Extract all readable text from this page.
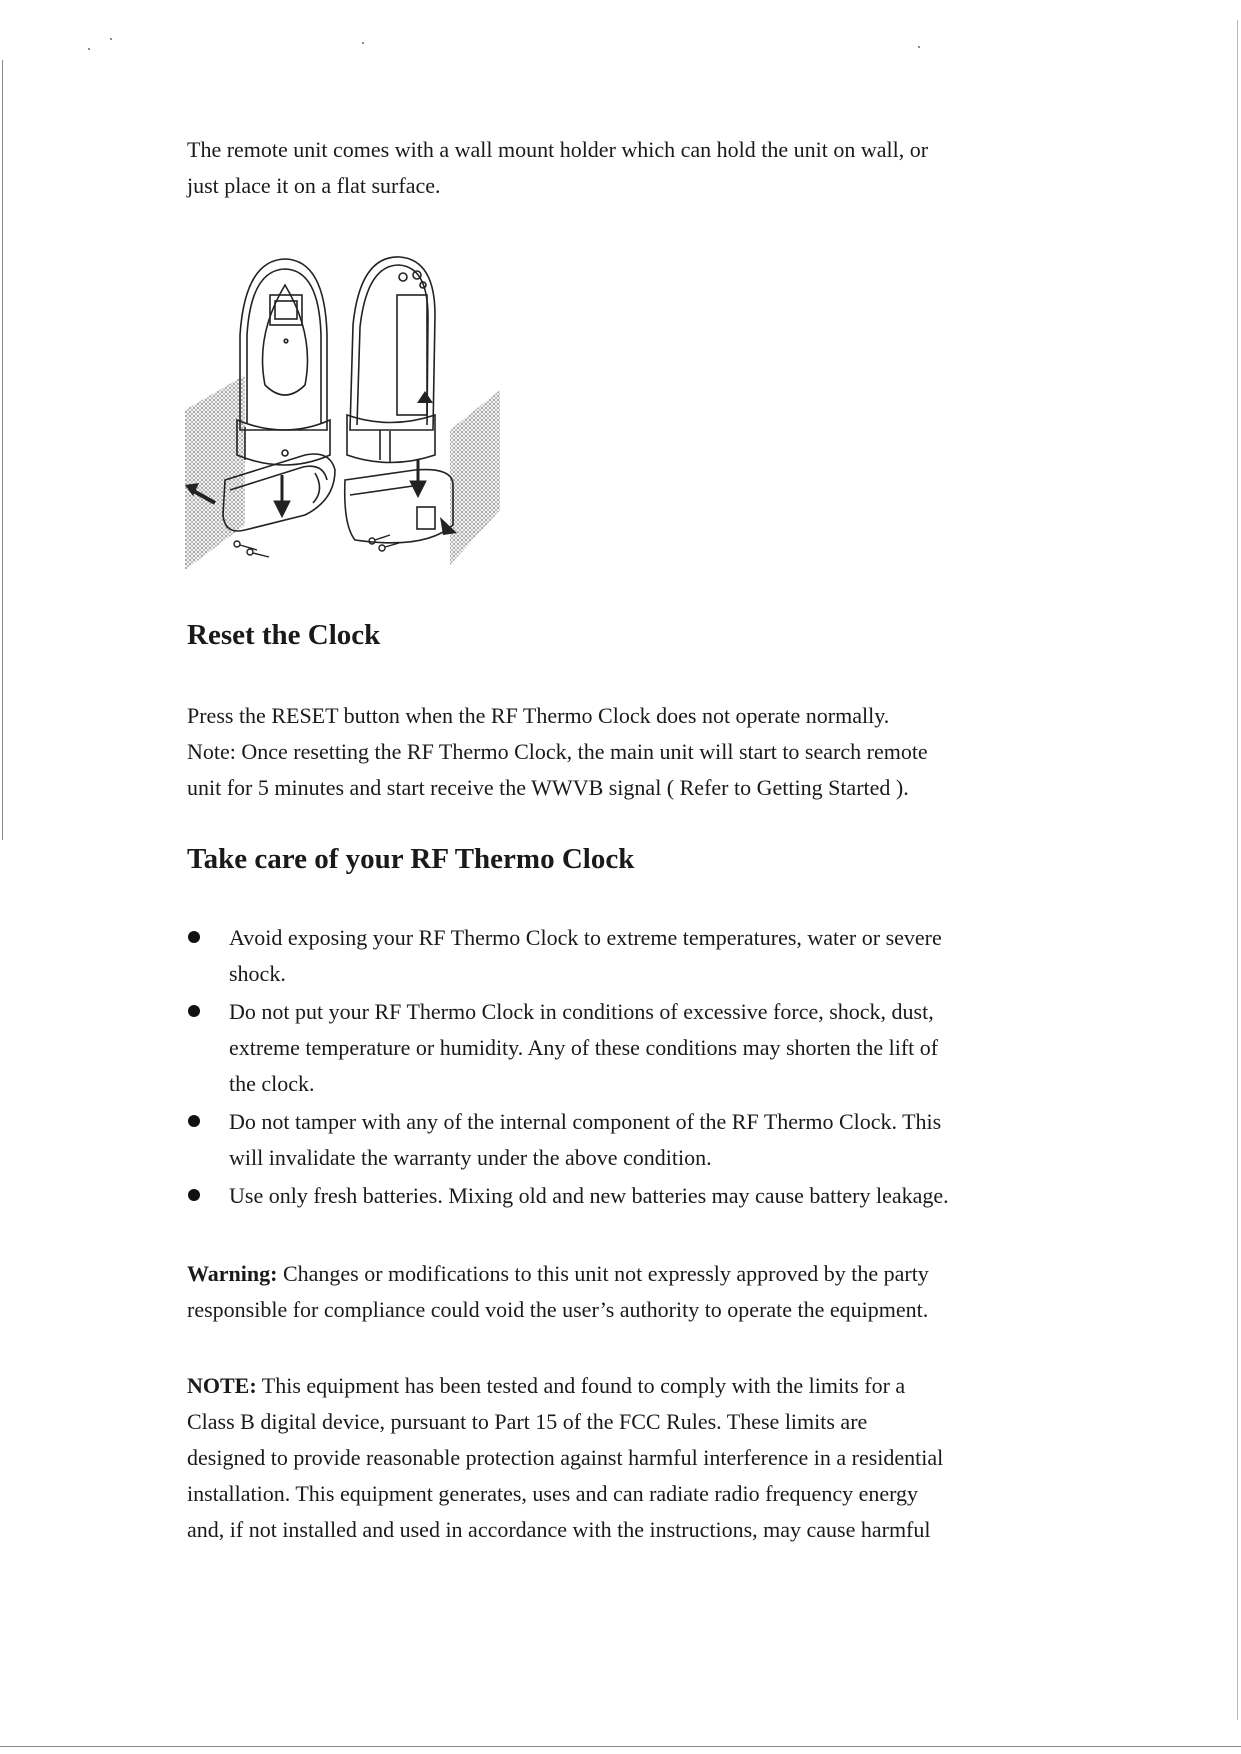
The remote unit comes with a wall mount holder which can hold the unit on wall, or
just place it on a flat surface.

Reset the Clock

Press the RESET button when the RF Thermo Clock does not operate normally.
Note: Once resetting the RF Thermo Clock, the main unit will start to search remote
unit for 5 minutes and start receive the WWVB signal ( Refer to Getting Started ).

Take care of your RF Thermo Clock
Avoid exposing your RF Thermo Clock to extreme temperatures, water or severe
shock.
Do not put your RF Thermo Clock in conditions of excessive force, shock, dust,
extreme temperature or humidity. Any of these conditions may shorten the lift of
the clock.
Do not tamper with any of the internal component of the RF Thermo Clock. This
will invalidate the warranty under the above condition.
Use only fresh batteries. Mixing old and new batteries may cause battery leakage.

Warning: Changes or modifications to this unit not expressly approved by the party
responsible for compliance could void the user’s authority to operate the equipment.

NOTE: This equipment has been tested and found to comply with the limits for a
Class B digital device, pursuant to Part 15 of the FCC Rules. These limits are
designed to provide reasonable protection against harmful interference in a residential
installation. This equipment generates, uses and can radiate radio frequency energy
and, if not installed and used in accordance with the instructions, may cause harmful
